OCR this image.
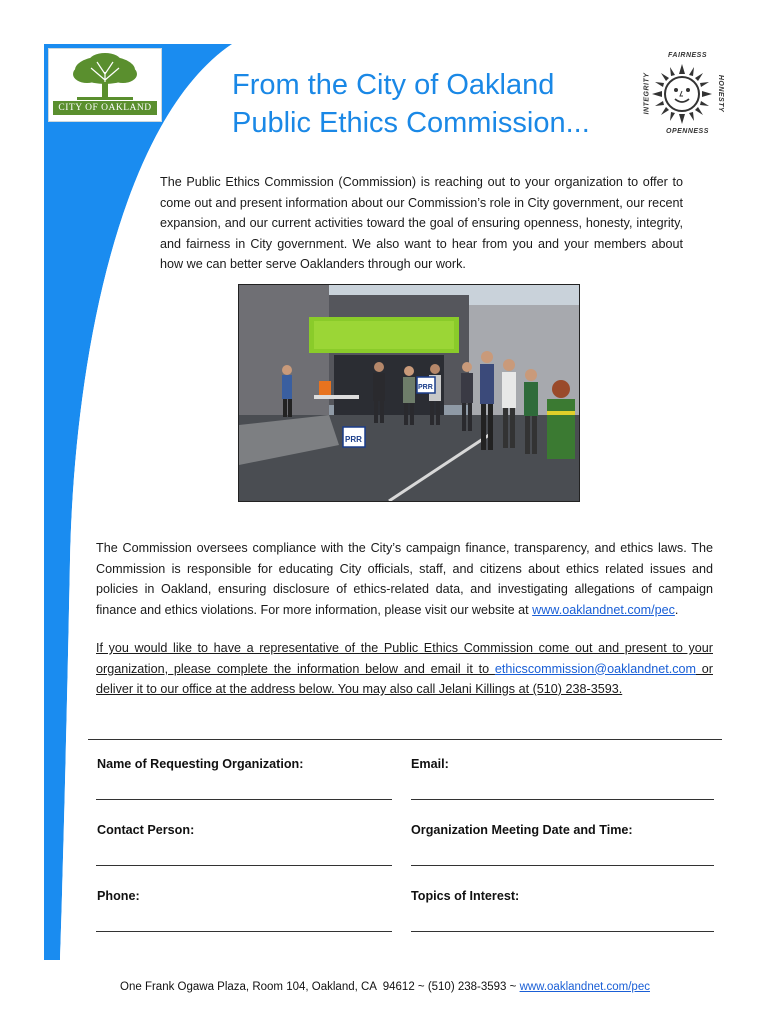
CITY OF OAKLAND
From the City of Oakland
Public Ethics Commission...
FAIRNESS
INTEGRITY	HONESTY
OPENNESS
The Public Ethics Commission (Commission) is reaching out to your organization to offer to come out and present information about our Commission’s role in City government, our recent expansion, and our current activities toward the goal of ensuring openness, honesty, integrity, and fairness in City government. We also want to hear from you and your members about how we can better serve Oaklanders through our work.
PRR
PRR
The Commission oversees compliance with the City’s campaign finance, transparency, and ethics laws. The Commission is responsible for educating City officials, staff, and citizens about ethics related issues and policies in Oakland, ensuring disclosure of ethics-related data, and investigating allegations of campaign finance and ethics violations. For more information, please visit our website at www.oaklandnet.com/pec.
If you would like to have a representative of the Public Ethics Commission come out and present to your organization, please complete the information below and email it to ethicscommission@oaklandnet.com or deliver it to our office at the address below. You may also call Jelani Killings at (510) 238-3593.
Name of Requesting Organization:	Email:
Contact Person:	Organization Meeting Date and Time:
Phone:	Topics of Interest:
One Frank Ogawa Plaza, Room 104, Oakland, CA  94612 ~ (510) 238-3593 ~ www.oaklandnet.com/pec
